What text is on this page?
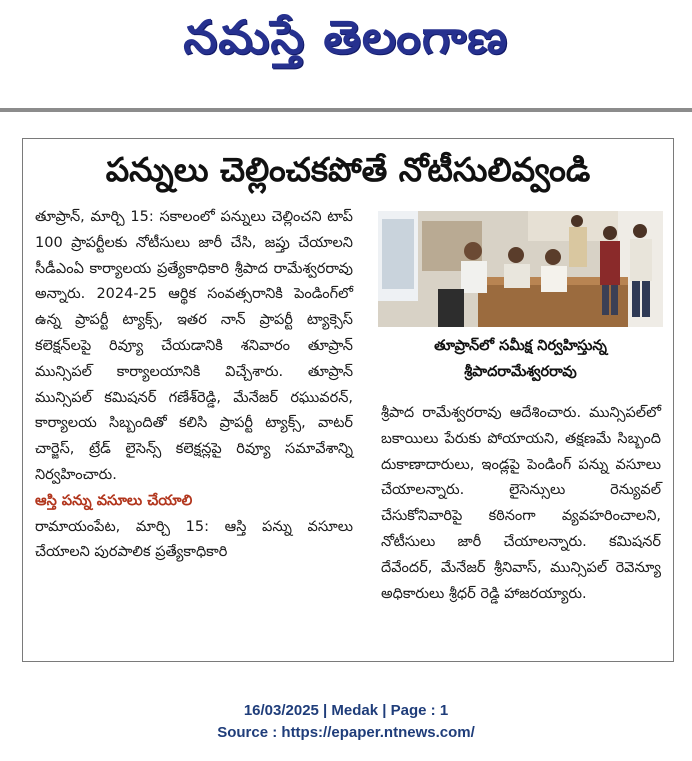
నమస్తే తెలంగాణ
పన్నులు చెల్లించకపోతే నోటీసులివ్వండి

తూప్రాన్, మార్చి 15: సకాలంలో పన్నులు చెల్లించని టాప్ 100 ప్రాపర్టీలకు నోటీసులు జారీ చేసి, జప్తు చేయాలని సీడీఎంఏ కార్యాలయ ప్రత్యేకాధికారి శ్రీపాద రామేశ్వరరావు అన్నారు. 2024-25 ఆర్థిక సంవత్సరానికి పెండింగ్‌లో ఉన్న ప్రాపర్టీ ట్యాక్స్, ఇతర నాన్ ప్రాపర్టీ ట్యాక్సెస్ కలెక్షన్‌లపై రివ్యూ చేయడానికి శనివారం తూప్రాన్ మున్సిపల్ కార్యాలయానికి విచ్చేశారు. తూప్రాన్ మున్సిపల్ కమిషనర్ గణేశ్‌రెడ్డి, మేనేజర్ రఘువరన్, కార్యాలయ సిబ్బందితో కలిసి ప్రాపర్టీ ట్యాక్స్, వాటర్ చార్జెస్, ట్రేడ్ లైసెన్స్ కలెక్షన్లపై రివ్యూ సమావేశాన్ని నిర్వహించారు.

ఆస్తి పన్ను వసూలు చేయాలి

రామాయంపేట, మార్చి 15: ఆస్తి పన్ను వసూలు చేయాలని పురపాలిక ప్రత్యేకాధికారి

తూప్రాన్‌లో సమీక్ష నిర్వహిస్తున్న
శ్రీపాదరామేశ్వరరావు

శ్రీపాద రామేశ్వరరావు ఆదేశించారు. మున్సిపల్‌లో బకాయిలు పేరుకు పోయాయని, తక్షణమే సిబ్బంది దుకాణాదారులు, ఇండ్లపై పెండింగ్ పన్ను వసూలు చేయాలన్నారు. లైసెన్సులు రెన్యువల్ చేసుకోనివారిపై కఠినంగా వ్యవహరించాలని, నోటీసులు జారీ చేయాలన్నారు. కమిషనర్ దేవేందర్, మేనేజర్ శ్రీనివాస్, మున్సిపల్ రెవెన్యూ అధికారులు శ్రీధర్ రెడ్డి హాజరయ్యారు.

16/03/2025 | Medak | Page : 1
Source : https://epaper.ntnews.com/
